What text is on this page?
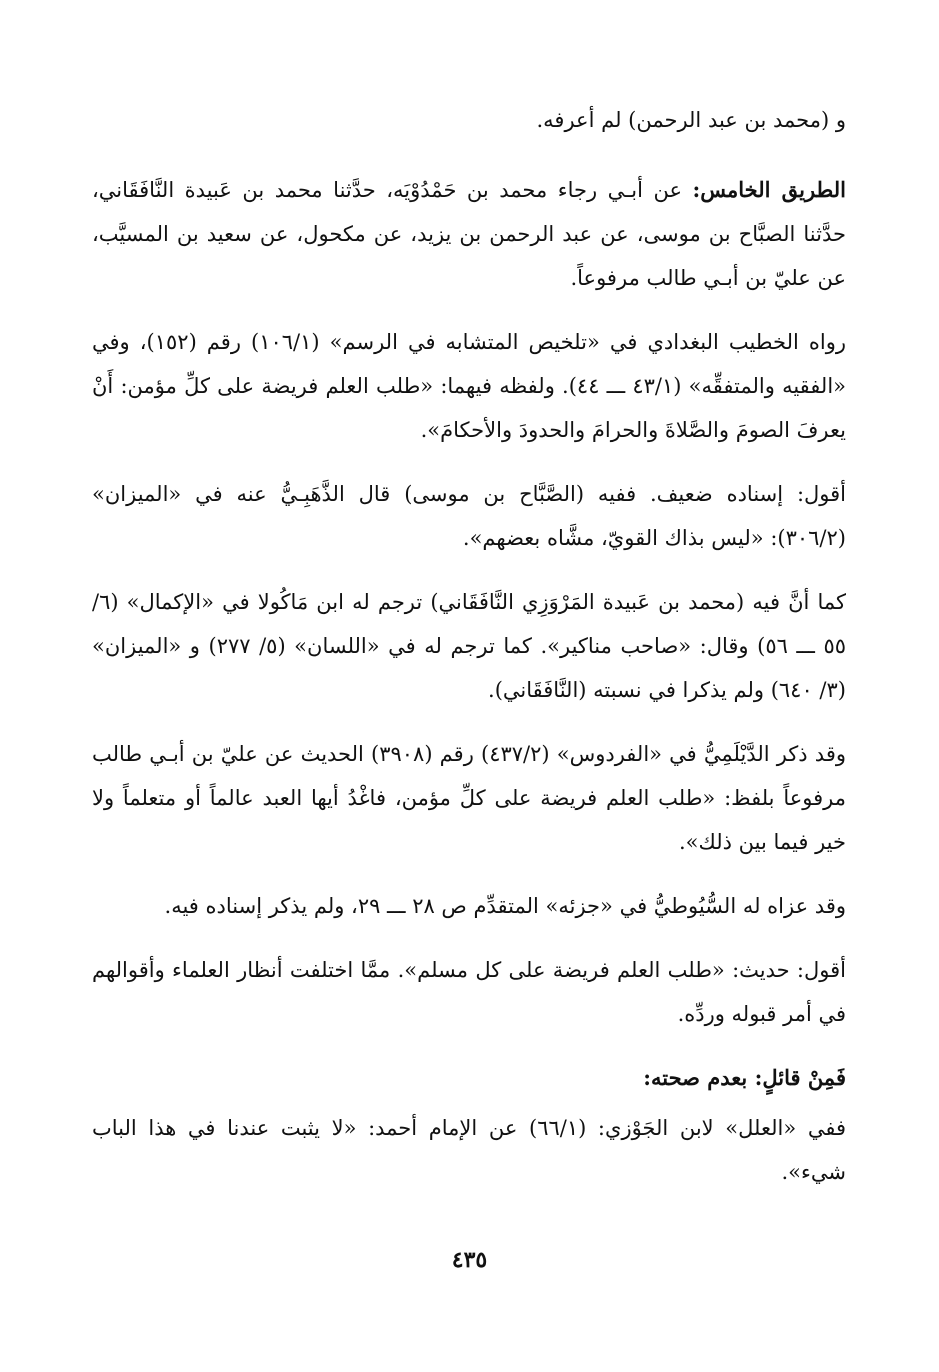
و (محمد بن عبد الرحمن) لم أعرفه.

الطريق الخامس: عن أبـي رجاء محمد بن حَمْدُوْيَه، حدَّثنا محمد بن عَبيدة النَّافَقَاني، حدَّثنا الصبَّاح بن موسى، عن عبد الرحمن بن يزيد، عن مكحول، عن سعيد بن المسيَّب، عن عليّ بن أبـي طالب مرفوعاً.

رواه الخطيب البغدادي في «تلخيص المتشابه في الرسم» (١٠٦/١) رقم (١٥٢)، وفي «الفقيه والمتفقِّه» (٤٣/١ ـــ ٤٤). ولفظه فيهما: «طلب العلم فريضة على كلِّ مؤمن: أَنْ يعرفَ الصومَ والصَّلاةَ والحرامَ والحدودَ والأحكامَ».

أقول: إسناده ضعيف. ففيه (الصَّبَّاح بن موسى) قال الذَّهَبِـيُّ عنه في «الميزان» (٣٠٦/٢): «ليس بذاك القويّ، مشَّاه بعضهم».

كما أنَّ فيه (محمد بن عَبيدة المَرْوَزِي النَّافَقَاني) ترجم له ابن مَاكُولا في «الإكمال» (٦/ ٥٥ ـــ ٥٦) وقال: «صاحب مناكير». كما ترجم له في «اللسان» (٥/ ٢٧٧) و «الميزان» (٣/ ٦٤٠) ولم يذكرا في نسبته (النَّافَقَاني).

وقد ذكر الدَّيْلَمِيُّ في «الفردوس» (٤٣٧/٢) رقم (٣٩٠٨) الحديث عن عليّ بن أبـي طالب مرفوعاً بلفظ: «طلب العلم فريضة على كلِّ مؤمن، فاغْدُ أيها العبد عالماً أو متعلماً ولا خير فيما بين ذلك».

وقد عزاه له السُّيُوطيُّ في «جزئه» المتقدِّم ص ٢٨ ـــ ٢٩، ولم يذكر إسناده فيه.

أقول: حديث: «طلب العلم فريضة على كل مسلم». ممَّا اختلفت أنظار العلماء وأقوالهم في أمر قبوله وردِّه.

فَمِنْ قائلٍ: بعدم صحته:

ففي «العلل» لابن الجَوْزي: (٦٦/١) عن الإمام أحمد: «لا يثبت عندنا في هذا الباب شيء».

٤٣٥
